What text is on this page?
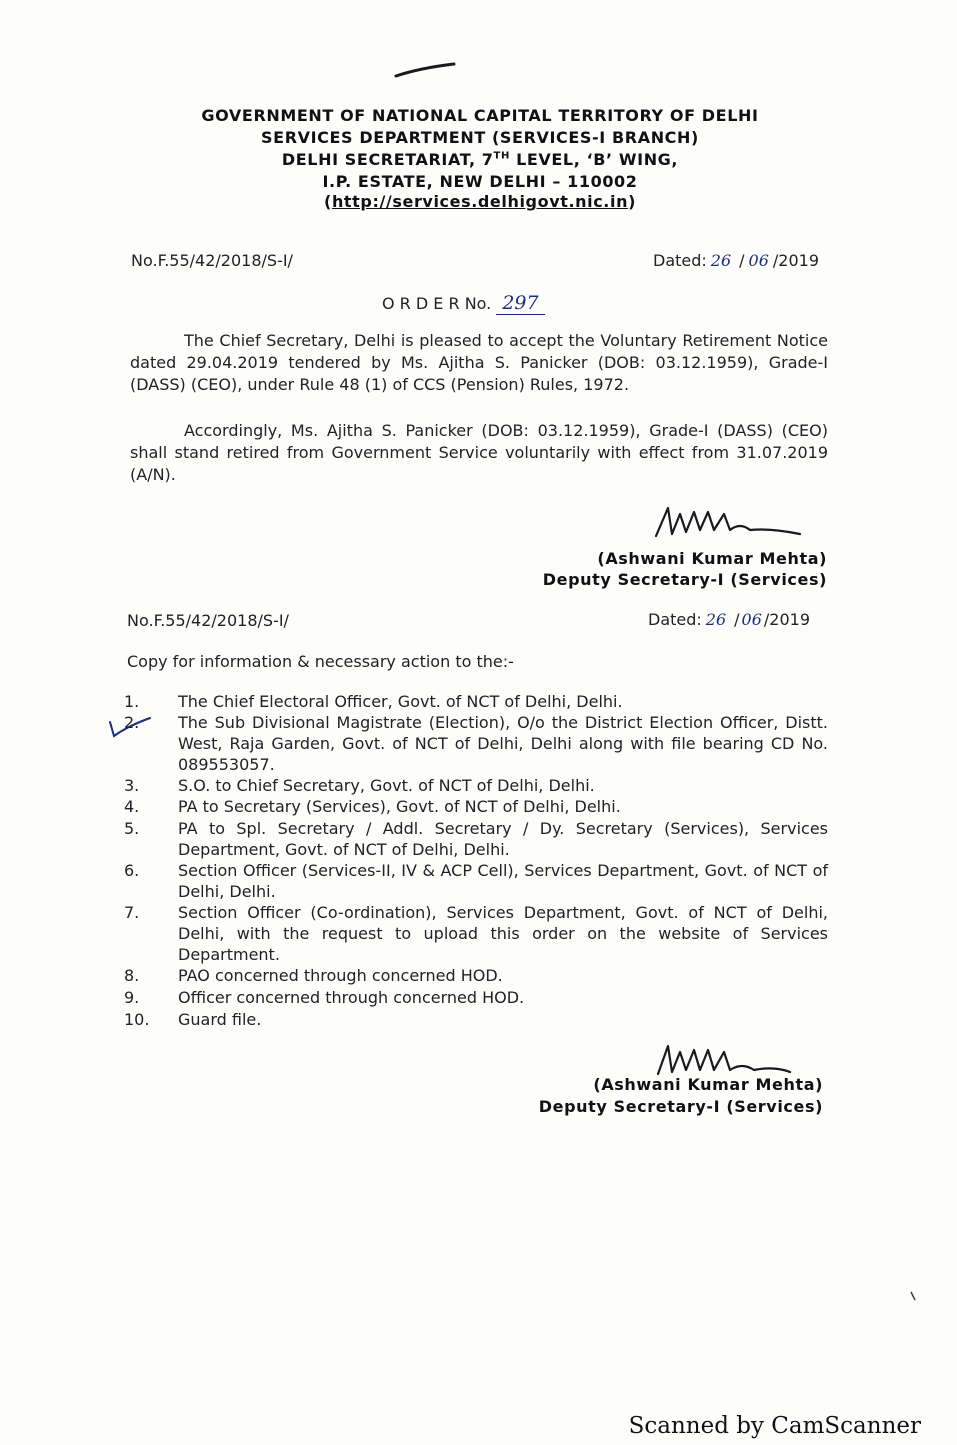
GOVERNMENT OF NATIONAL CAPITAL TERRITORY OF DELHI
SERVICES DEPARTMENT (SERVICES-I BRANCH)
DELHI SECRETARIAT, 7TH LEVEL, ‘B’ WING,
I.P. ESTATE, NEW DELHI – 110002
(http://services.delhigovt.nic.in)
No.F.55/42/2018/S-I/	Dated: 26 / 06 /2019
O R D E R No. 297

The Chief Secretary, Delhi is pleased to accept the Voluntary Retirement Notice dated 29.04.2019 tendered by Ms. Ajitha S. Panicker (DOB: 03.12.1959), Grade-I (DASS) (CEO), under Rule 48 (1) of CCS (Pension) Rules, 1972.

Accordingly, Ms. Ajitha S. Panicker (DOB: 03.12.1959), Grade-I (DASS) (CEO) shall stand retired from Government Service voluntarily with effect from 31.07.2019 (A/N).

(Ashwani Kumar Mehta)
Deputy Secretary-I (Services)
No.F.55/42/2018/S-I/	Dated: 26 / 06 /2019
Copy for information & necessary action to the:-
1.	The Chief Electoral Officer, Govt. of NCT of Delhi, Delhi.

2.	The Sub Divisional Magistrate (Election), O/o the District Election Officer, Distt. West, Raja Garden, Govt. of NCT of Delhi, Delhi along with file bearing CD No. 089553057.

3.	S.O. to Chief Secretary, Govt. of NCT of Delhi, Delhi.

4.	PA to Secretary (Services), Govt. of NCT of Delhi, Delhi.

5.	PA to Spl. Secretary / Addl. Secretary / Dy. Secretary (Services), Services Department, Govt. of NCT of Delhi, Delhi.

6.	Section Officer (Services-II, IV & ACP Cell), Services Department, Govt. of NCT of Delhi, Delhi.

7.	Section Officer (Co-ordination), Services Department, Govt. of NCT of Delhi, Delhi, with the request to upload this order on the website of Services Department.

8.	PAO concerned through concerned HOD.

9.	Officer concerned through concerned HOD.

10.	Guard file.

(Ashwani Kumar Mehta)
Deputy Secretary-I (Services)
Scanned by CamScanner
